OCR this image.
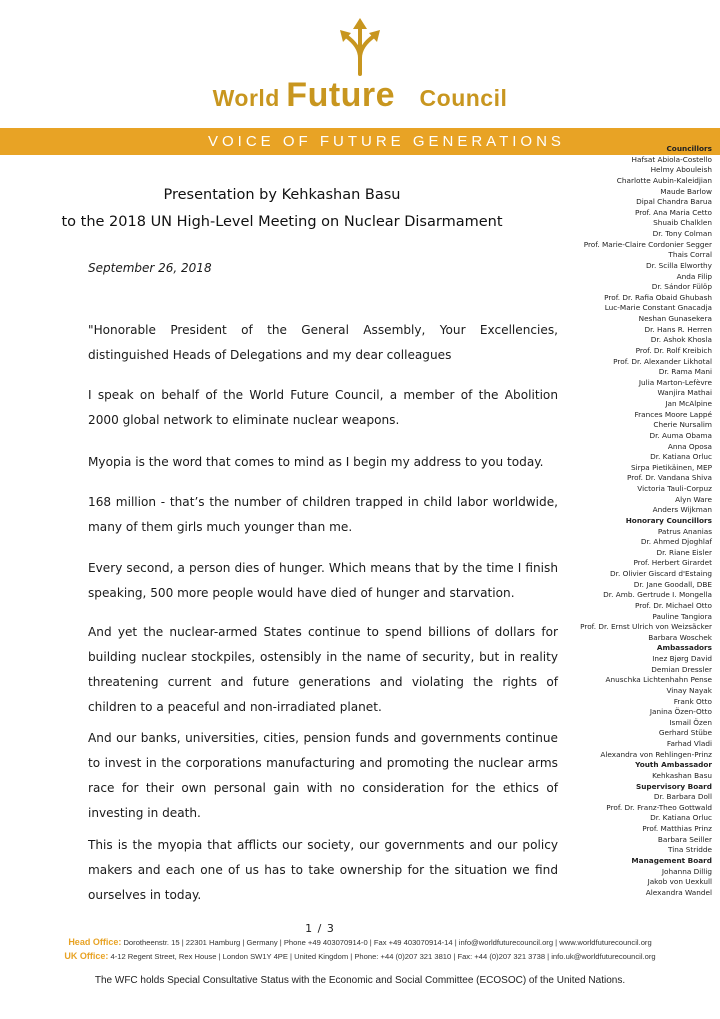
World Future Council
VOICE OF FUTURE GENERATIONS	Councillors
Hafsat Abiola-Costello
Helmy Abouleish
Charlotte Aubin-Kaleidjian
Maude Barlow
Dipal Chandra Barua
Prof. Ana Maria Cetto
Shuaib Chalklen
Dr. Tony Colman
Prof. Marie-Claire Cordonier Segger
Thais Corral
Dr. Scilla Elworthy
Anda Filip
Dr. Sándor Fülöp
Prof. Dr. Rafia Obaid Ghubash
Luc-Marie Constant Gnacadja
Neshan Gunasekera
Dr. Hans R. Herren
Dr. Ashok Khosla
Prof. Dr. Rolf Kreibich
Prof. Dr. Alexander Likhotal
Dr. Rama Mani
Julia Marton-Lefèvre
Wanjira Mathai
Jan McAlpine
Frances Moore Lappé
Cherie Nursalim
Dr. Auma Obama
Anna Oposa
Dr. Katiana Orluc
Sirpa Pietikäinen, MEP
Prof. Dr. Vandana Shiva
Victoria Tauli-Corpuz
Alyn Ware
Anders Wijkman
Honorary Councillors
Patrus Ananias
Dr. Ahmed Djoghlaf
Dr. Riane Eisler
Prof. Herbert Girardet
Dr. Olivier Giscard d'Estaing
Dr. Jane Goodall, DBE
Dr. Amb. Gertrude I. Mongella
Prof. Dr. Michael Otto
Pauline Tangiora
Prof. Dr. Ernst Ulrich von Weizsäcker
Barbara Woschek
Ambassadors
Inez Bjørg David
Demian Dressler
Anuschka Lichtenhahn Pense
Vinay Nayak
Frank Otto
Janina Özen-Otto
Ismail Özen
Gerhard Stübe
Farhad Vladi
Alexandra von Rehlingen-Prinz
Youth Ambassador
Kehkashan Basu
Supervisory Board
Dr. Barbara Doll
Prof. Dr. Franz-Theo Gottwald
Dr. Katiana Orluc
Prof. Matthias Prinz
Barbara Seiller
Tina Stridde
Management Board
Johanna Dillig
Jakob von Uexkull
Alexandra Wandel
Presentation by Kehkashan Basu
to the 2018 UN High-Level Meeting on Nuclear Disarmament
September 26, 2018

"Honorable President of the General Assembly, Your Excellencies, distinguished Heads of Delegations and my dear colleagues

I speak on behalf of the World Future Council, a member of the Abolition 2000 global network to eliminate nuclear weapons.

Myopia is the word that comes to mind as I begin my address to you today.

168 million - that’s the number of children trapped in child labor worldwide, many of them girls much younger than me.

Every second, a person dies of hunger. Which means that by the time I finish speaking, 500 more people would have died of hunger and starvation.

And yet the nuclear-armed States continue to spend billions of dollars for building nuclear stockpiles, ostensibly in the name of security, but in reality threatening current and future generations and violating the rights of children to a peaceful and non-irradiated planet.

And our banks, universities, cities, pension funds and governments continue to invest in the corporations manufacturing and promoting the nuclear arms race for their own personal gain with no consideration for the ethics of investing in death.

This is the myopia that afflicts our society, our governments and our policy makers and each one of us has to take ownership for the situation we find ourselves in today.

1 / 3
Head Office: Dorotheenstr. 15 | 22301 Hamburg | Germany | Phone +49 403070914-0 | Fax +49 403070914-14 | info@worldfuturecouncil.org | www.worldfuturecouncil.org
UK Office: 4-12 Regent Street, Rex House | London SW1Y 4PE | United Kingdom | Phone: +44 (0)207 321 3810 | Fax: +44 (0)207 321 3738 | info.uk@worldfuturecouncil.org
The WFC holds Special Consultative Status with the Economic and Social Committee (ECOSOC) of the United Nations.
